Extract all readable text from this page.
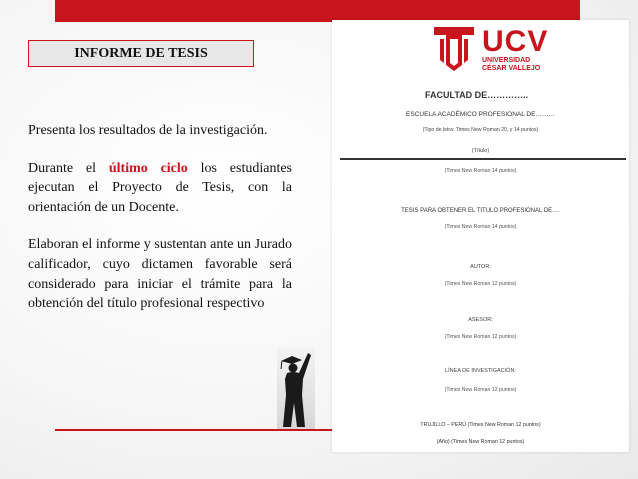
INFORME DE TESIS

Presenta los resultados de la investigación.

Durante el último ciclo los estudiantes ejecutan el Proyecto de Tesis, con la orientación de un Docente.

Elaboran el informe y sustentan ante un Jurado calificador, cuyo dictamen favorable será considerado para iniciar el trámite para la obtención del título profesional respectivo

UCV
UNIVERSIDAD
CÉSAR VALLEJO
FACULTAD DE…………..
ESCUELA ACADÉMICO PROFESIONAL DE………
(Tipo de letra: Times New Roman 20, y 14 puntos)
(Título)
(Times New Roman 14 puntos)
TESIS PARA OBTENER EL TITULO PROFESIONAL DE….
(Times New Roman 14 puntos)
AUTOR:
(Times New Roman 12 puntos)
ASESOR:
(Times New Roman 12 puntos)
LÍNEA DE INVESTIGACIÓN:
(Times New Roman 12 puntos)
TRUJILLO – PERÚ (Times New Roman 12 puntos)
(Año) (Times New Roman 12 puntos)
